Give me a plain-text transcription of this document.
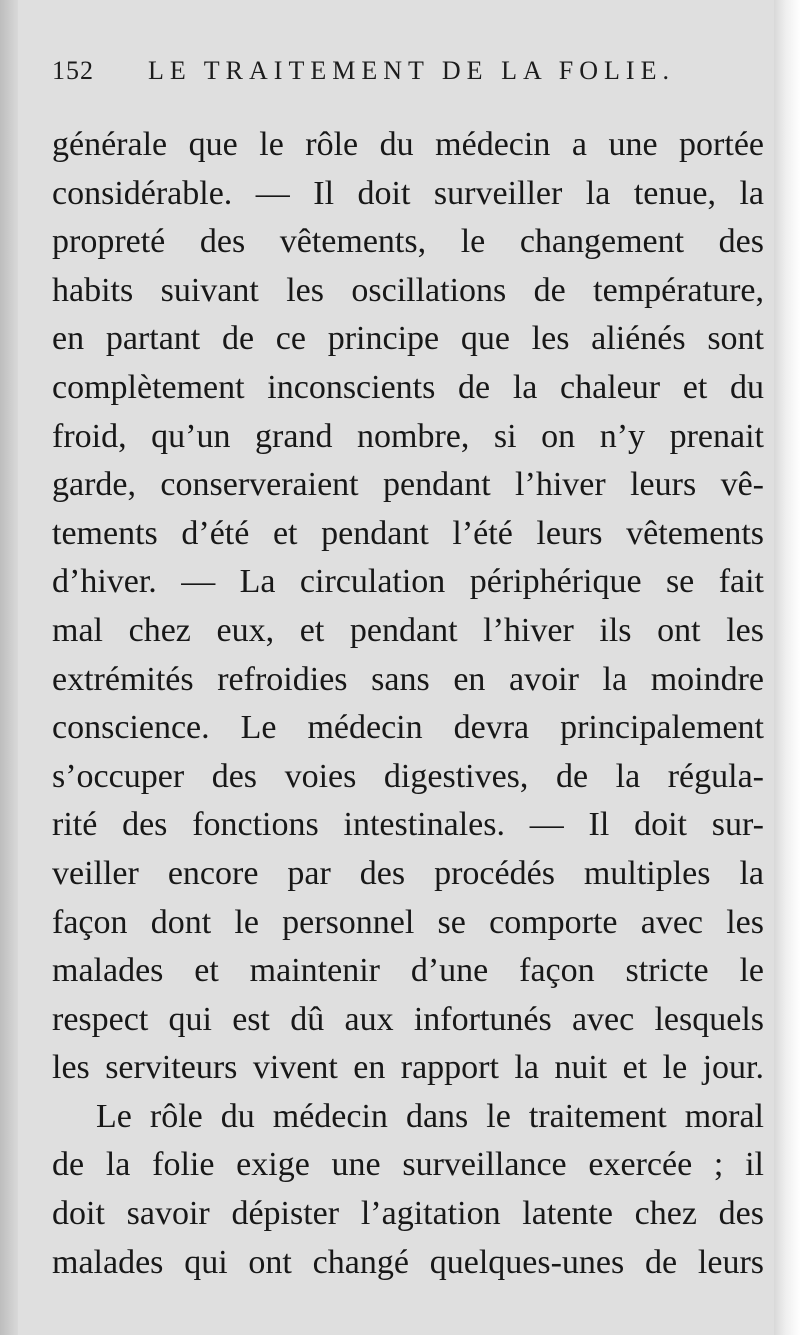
152 LE TRAITEMENT DE LA FOLIE.
générale que le rôle du médecin a une portée
considérable. — Il doit surveiller la tenue, la
propreté des vêtements, le changement des
habits suivant les oscillations de température,
en partant de ce principe que les aliénés sont
complètement inconscients de la chaleur et du
froid, qu’un grand nombre, si on n’y prenait
garde, conserveraient pendant l’hiver leurs vê-
tements d’été et pendant l’été leurs vêtements
d’hiver. — La circulation périphérique se fait
mal chez eux, et pendant l’hiver ils ont les
extrémités refroidies sans en avoir la moindre
conscience. Le médecin devra principalement
s’occuper des voies digestives, de la régula-
rité des fonctions intestinales. — Il doit sur-
veiller encore par des procédés multiples la
façon dont le personnel se comporte avec les
malades et maintenir d’une façon stricte le
respect qui est dû aux infortunés avec lesquels
les serviteurs vivent en rapport la nuit et le jour.
Le rôle du médecin dans le traitement moral
de la folie exige une surveillance exercée ; il
doit savoir dépister l’agitation latente chez des
malades qui ont changé quelques-unes de leurs
